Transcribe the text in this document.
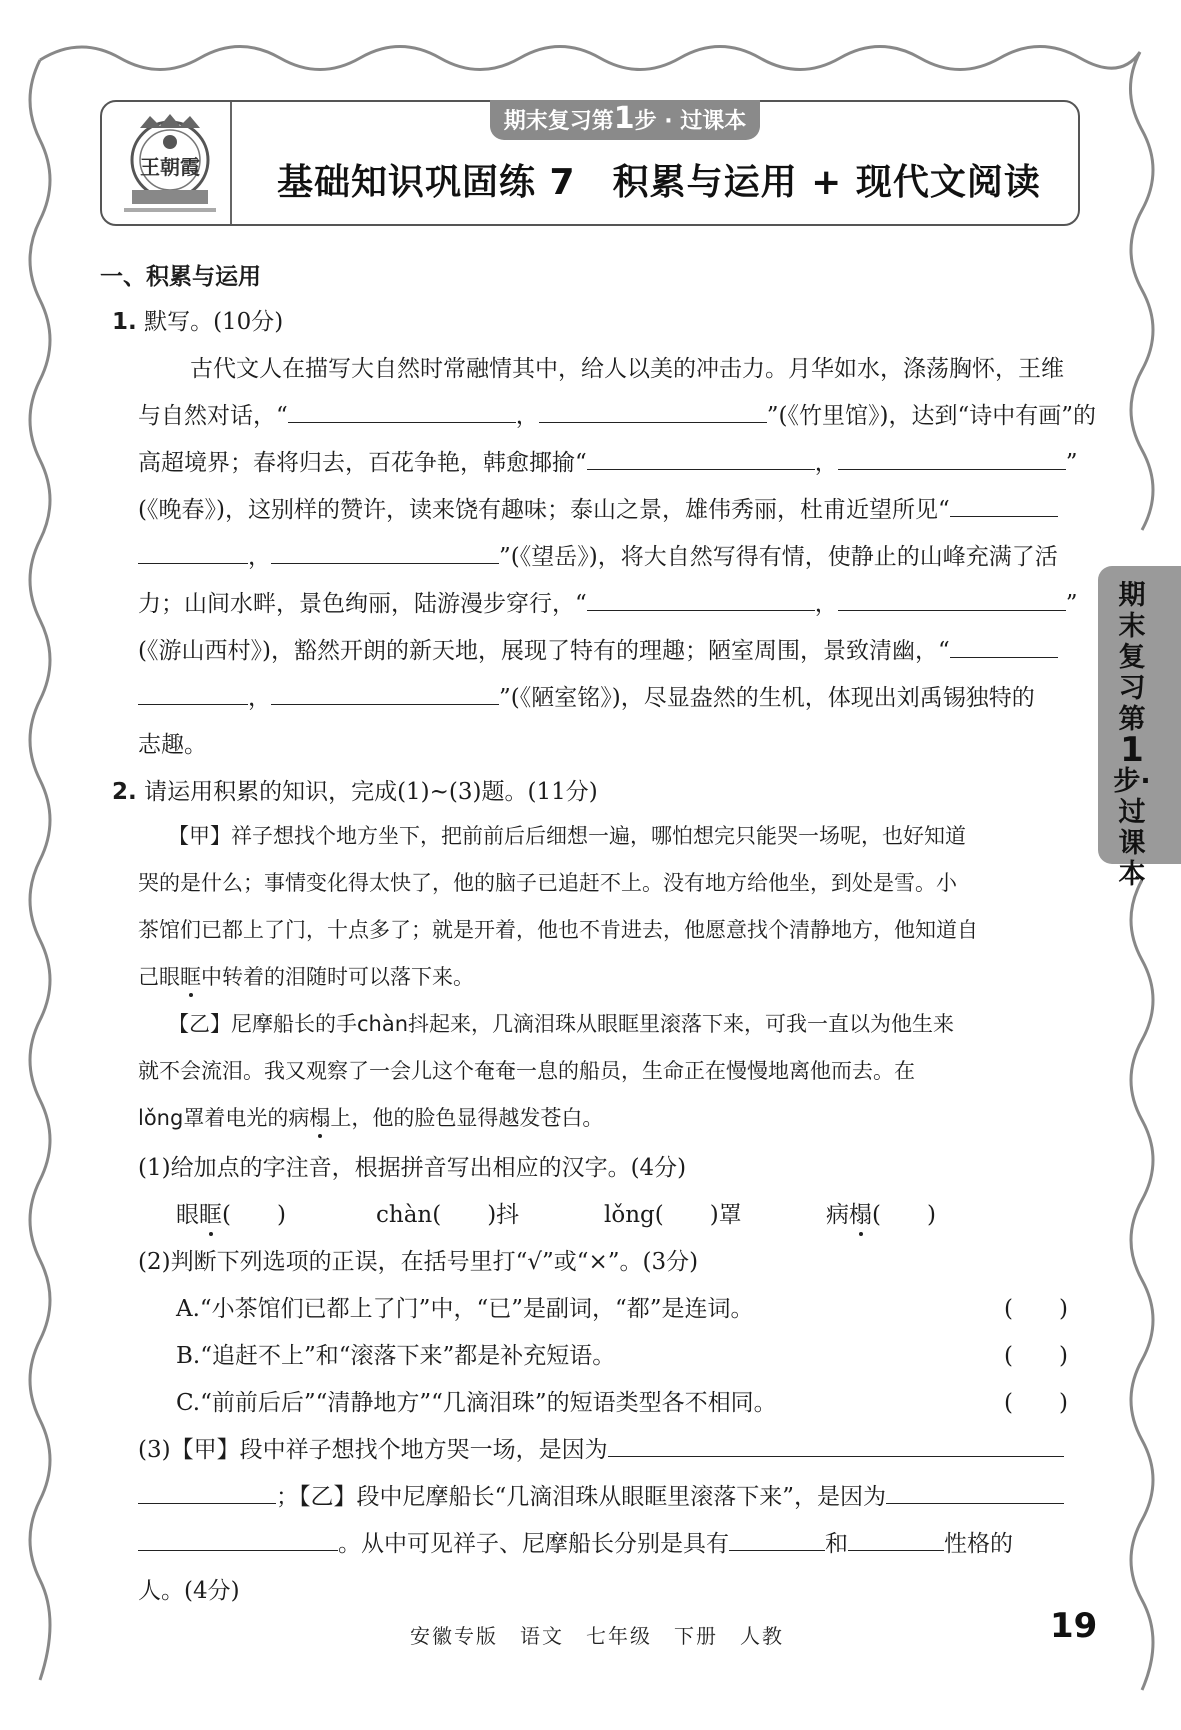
王朝霞
期末复习第1步 · 过课本
基础知识巩固练 7　积累与运用 + 现代文阅读
期末复习第
1
步·过课本
一、积累与运用
1. 默写。(10分)
古代文人在描写大自然时常融情其中，给人以美的冲击力。月华如水，涤荡胸怀，王维
与自然对话，“	，	”(《竹里馆》)，达到“诗中有画”的
高超境界；春将归去，百花争艳，韩愈揶揄“	，	”
(《晚春》)，这别样的赞许，读来饶有趣味；泰山之景，雄伟秀丽，杜甫近望所见“
，	”(《望岳》)，将大自然写得有情，使静止的山峰充满了活
力；山间水畔，景色绚丽，陆游漫步穿行，“	，	”
(《游山西村》)，豁然开朗的新天地，展现了特有的理趣；陋室周围，景致清幽，“
，	”(《陋室铭》)，尽显盎然的生机，体现出刘禹锡独特的
志趣。
2. 请运用积累的知识，完成(1)~(3)题。(11分)
【甲】祥子想找个地方坐下，把前前后后细想一遍，哪怕想完只能哭一场呢，也好知道
哭的是什么；事情变化得太快了，他的脑子已追赶不上。没有地方给他坐，到处是雪。小
茶馆们已都上了门，十点多了；就是开着，他也不肯进去，他愿意找个清静地方，他知道自
己眼眶中转着的泪随时可以落下来。
【乙】尼摩船长的手chàn抖起来，几滴泪珠从眼眶里滚落下来，可我一直以为他生来
就不会流泪。我又观察了一会儿这个奄奄一息的船员，生命正在慢慢地离他而去。在
lǒng罩着电光的病榻上，他的脸色显得越发苍白。
(1)给加点的字注音，根据拼音写出相应的汉字。(4分)
眼眶(　　)	chàn(　　)抖	lǒng(　　)罩	病榻(　　)
(2)判断下列选项的正误，在括号里打“√”或“×”。(3分)
A.“小茶馆们已都上了门”中，“已”是副词，“都”是连词。	(　　)
B.“追赶不上”和“滚落下来”都是补充短语。	(　　)
C.“前前后后”“清静地方”“几滴泪珠”的短语类型各不相同。	(　　)
(3)【甲】段中祥子想找个地方哭一场，是因为
；【乙】段中尼摩船长“几滴泪珠从眼眶里滚落下来”，是因为
。从中可见祥子、尼摩船长分别是具有	和	性格的
人。(4分)
安徽专版　语文　七年级　下册　人教	19
